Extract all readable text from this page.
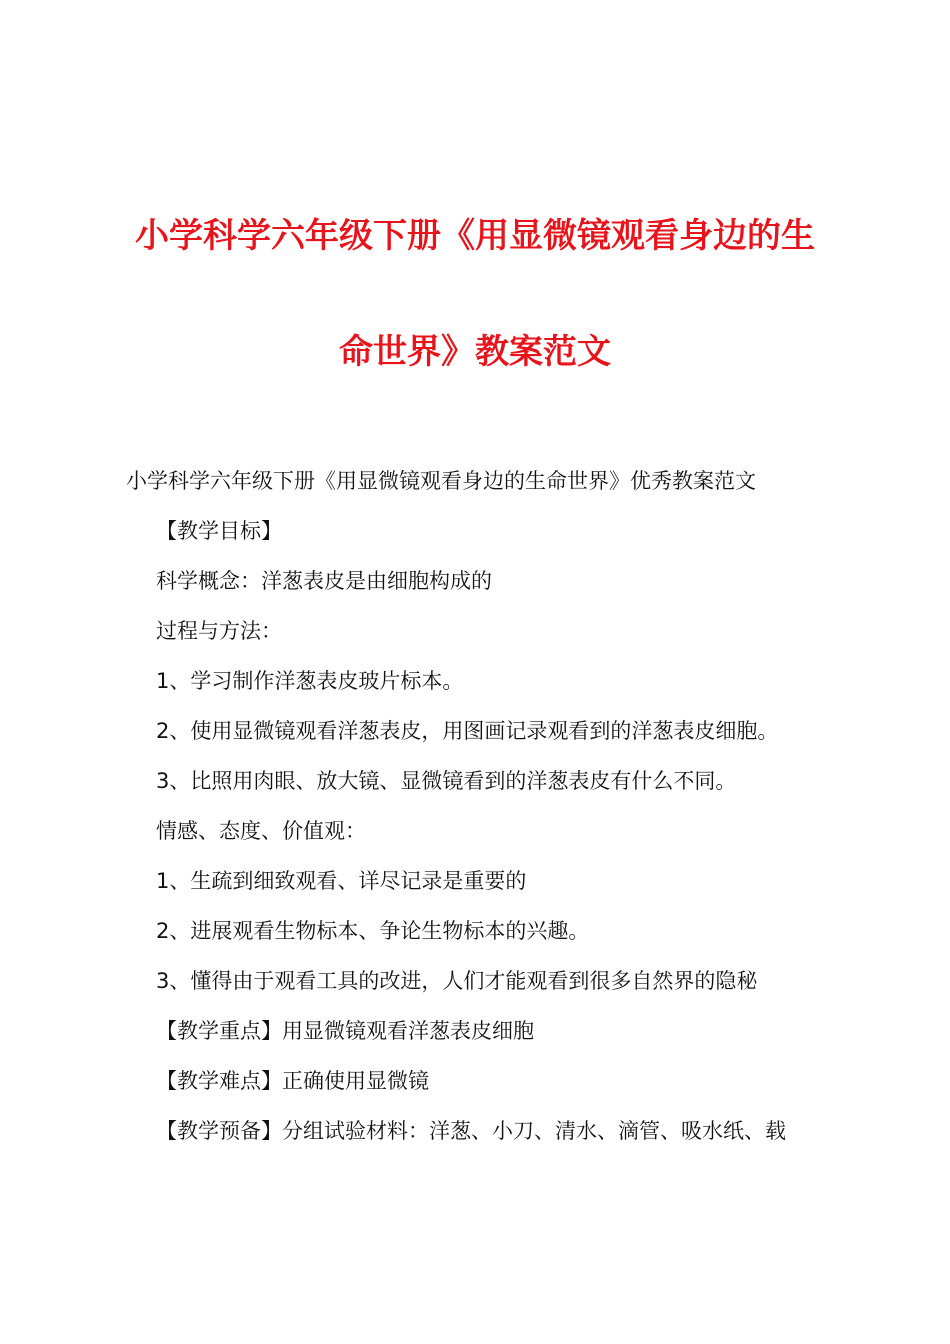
小学科学六年级下册《用显微镜观看身边的生
命世界》教案范文
小学科学六年级下册《用显微镜观看身边的生命世界》优秀教案范文
【教学目标】
科学概念：洋葱表皮是由细胞构成的
过程与方法：
1、学习制作洋葱表皮玻片标本。
2、使用显微镜观看洋葱表皮，用图画记录观看到的洋葱表皮细胞。
3、比照用肉眼、放大镜、显微镜看到的洋葱表皮有什么不同。
情感、态度、价值观：
1、生疏到细致观看、详尽记录是重要的
2、进展观看生物标本、争论生物标本的兴趣。
3、懂得由于观看工具的改进，人们才能观看到很多自然界的隐秘
【教学重点】用显微镜观看洋葱表皮细胞
【教学难点】正确使用显微镜
【教学预备】分组试验材料：洋葱、小刀、清水、滴管、吸水纸、载
